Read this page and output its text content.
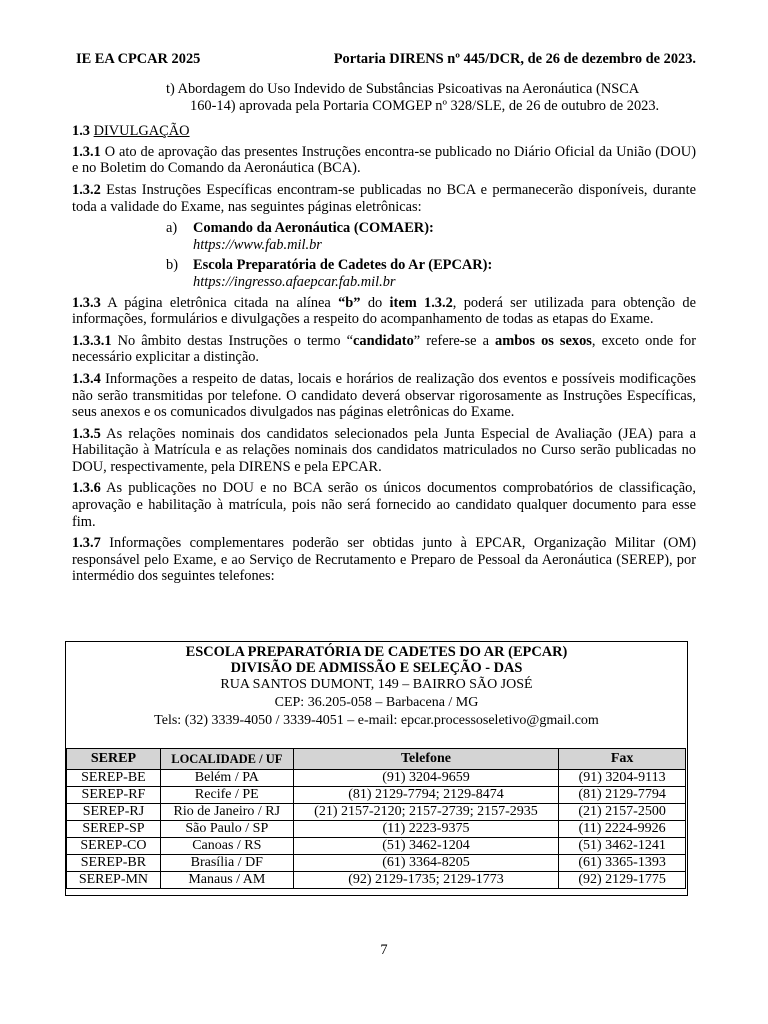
IE EA CPCAR 2025	Portaria DIRENS nº 445/DCR, de 26 de dezembro de 2023.

t) Abordagem do Uso Indevido de Substâncias Psicoativas na Aeronáutica (NSCA
160-14) aprovada pela Portaria COMGEP nº 328/SLE, de 26 de outubro de 2023.

1.3 DIVULGAÇÃO

1.3.1 O ato de aprovação das presentes Instruções encontra-se publicado no Diário Oficial da União (DOU) e no Boletim do Comando da Aeronáutica (BCA).

1.3.2 Estas Instruções Específicas encontram-se publicadas no BCA e permanecerão disponíveis, durante toda a validade do Exame, nas seguintes páginas eletrônicas:

a)	Comando da Aeronáutica (COMAER):
https://www.fab.mil.br
b)	Escola Preparatória de Cadetes do Ar (EPCAR):
https://ingresso.afaepcar.fab.mil.br

1.3.3 A página eletrônica citada na alínea “b” do item 1.3.2, poderá ser utilizada para obtenção de informações, formulários e divulgações a respeito do acompanhamento de todas as etapas do Exame.

1.3.3.1 No âmbito destas Instruções o termo “candidato” refere-se a ambos os sexos, exceto onde for necessário explicitar a distinção.

1.3.4 Informações a respeito de datas, locais e horários de realização dos eventos e possíveis modificações não serão transmitidas por telefone. O candidato deverá observar rigorosamente as Instruções Específicas, seus anexos e os comunicados divulgados nas páginas eletrônicas do Exame.

1.3.5 As relações nominais dos candidatos selecionados pela Junta Especial de Avaliação (JEA) para a Habilitação à Matrícula e as relações nominais dos candidatos matriculados no Curso serão publicadas no DOU, respectivamente, pela DIRENS e pela EPCAR.

1.3.6 As publicações no DOU e no BCA serão os únicos documentos comprobatórios de classificação, aprovação e habilitação à matrícula, pois não será fornecido ao candidato qualquer documento para esse fim.

1.3.7 Informações complementares poderão ser obtidas junto à EPCAR, Organização Militar (OM) responsável pelo Exame, e ao Serviço de Recrutamento e Preparo de Pessoal da Aeronáutica (SEREP), por intermédio dos seguintes telefones:

ESCOLA PREPARATÓRIA DE CADETES DO AR (EPCAR)
DIVISÃO DE ADMISSÃO E SELEÇÃO - DAS
RUA SANTOS DUMONT, 149 – BAIRRO SÃO JOSÉ
CEP: 36.205-058 – Barbacena / MG
Tels: (32) 3339-4050 / 3339-4051 – e-mail: epcar.processoseletivo@gmail.com
SEREP	LOCALIDADE / UF	Telefone	Fax
SEREP-BE	Belém / PA	(91) 3204-9659	(91) 3204-9113
SEREP-RF	Recife / PE	(81) 2129-7794; 2129-8474	(81) 2129-7794
SEREP-RJ	Rio de Janeiro / RJ	(21) 2157-2120; 2157-2739; 2157-2935	(21) 2157-2500
SEREP-SP	São Paulo / SP	(11) 2223-9375	(11) 2224-9926
SEREP-CO	Canoas / RS	(51) 3462-1204	(51) 3462-1241
SEREP-BR	Brasília / DF	(61) 3364-8205	(61) 3365-1393
SEREP-MN	Manaus / AM	(92) 2129-1735; 2129-1773	(92) 2129-1775
7
